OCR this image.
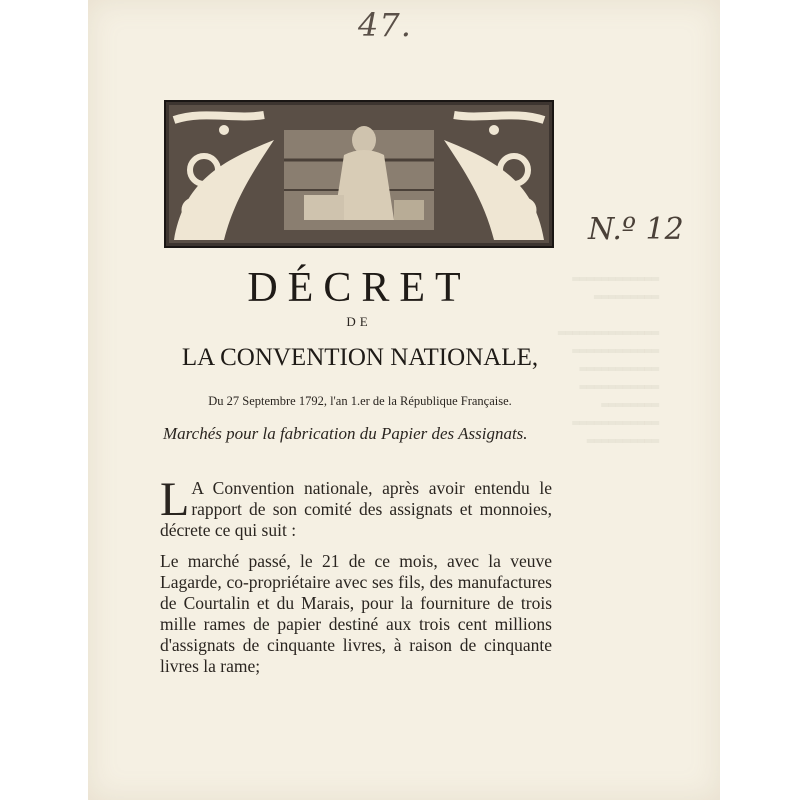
════════════
═════════

══════════════
════════════
═══════════
═══════════
════════
════════════
══════════
47.
N.º 12
L.C.
DÉCRET
DE
LA CONVENTION NATIONALE,
Du 27 Septembre 1792, l'an 1.er de la République Française.
Marchés pour la fabrication du Papier des Assignats.

L A Convention nationale, après avoir entendu le rapport de son comité des assignats et monnoies, décrete ce qui suit :

Le marché passé, le 21 de ce mois, avec la veuve Lagarde, co-propriétaire avec ses fils, des manufactures de Courtalin et du Marais, pour la fourniture de trois mille rames de papier destiné aux trois cent millions d'assignats de cinquante livres, à raison de cinquante livres la rame;
